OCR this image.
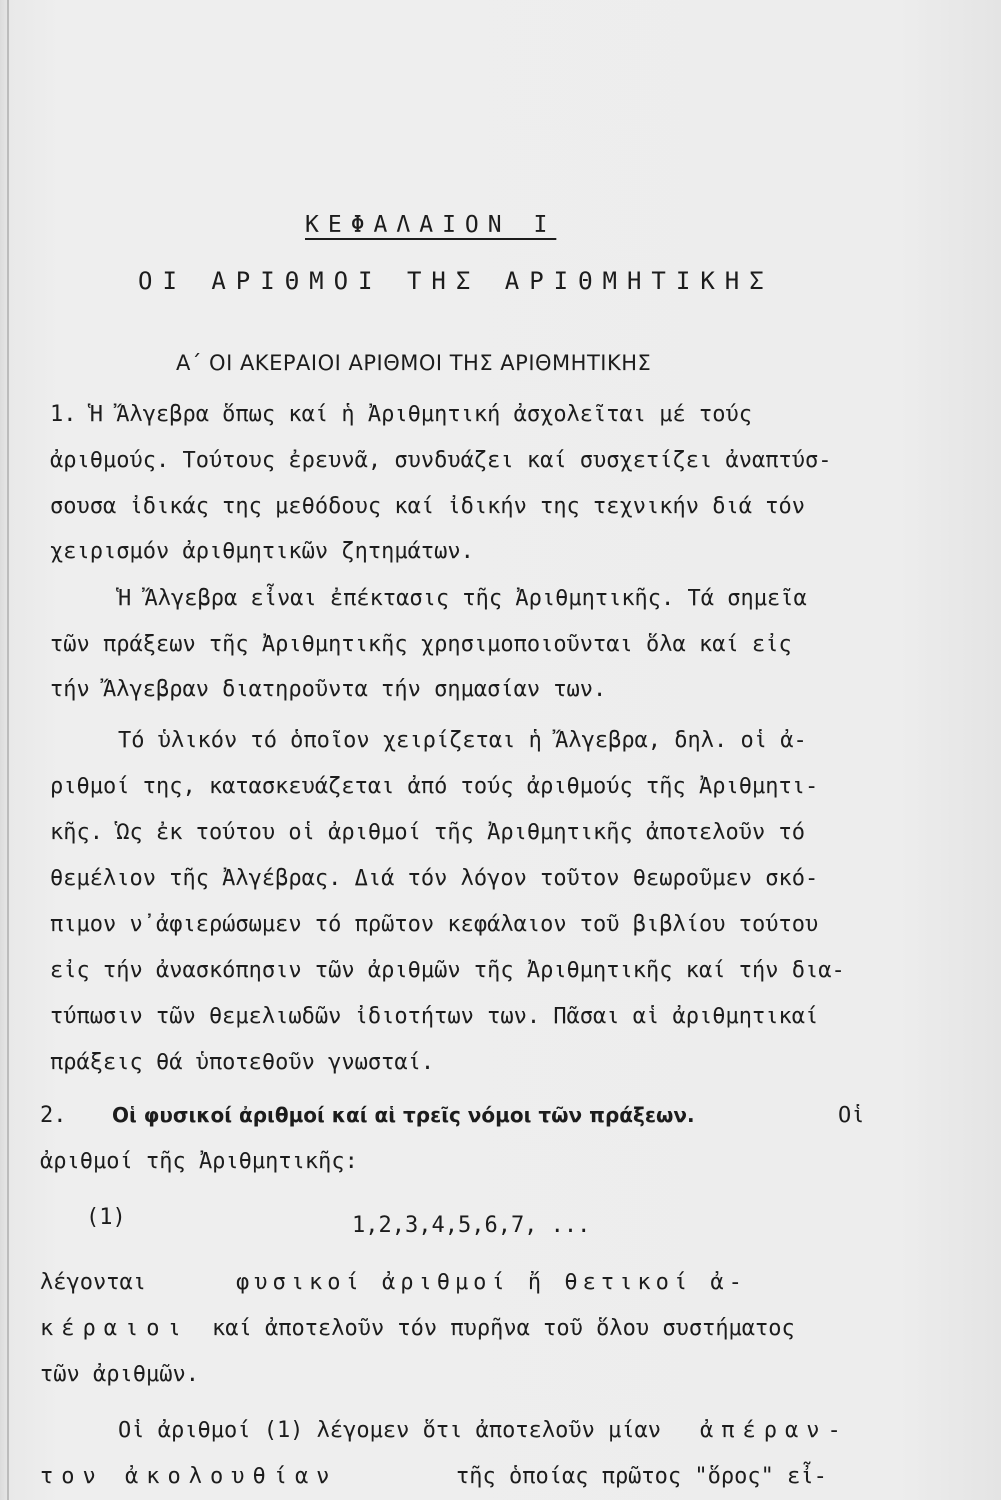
ΚΕΦΑΛΑΙΟΝ Ι
ΟΙ ΑΡΙΘΜΟΙ ΤΗΣ ΑΡΙΘΜΗΤΙΚΗΣ
Α΄ ΟΙ ΑΚΕΡΑΙΟΙ ΑΡΙΘΜΟΙ ΤΗΣ ΑΡΙΘΜΗΤΙΚΗΣ
1. Ἡ Ἄλγεβρα ὅπως καί ἡ Ἀριθμητική ἀσχολεῖται μέ τούς
ἀριθμούς. Τούτους ἐρευνᾶ, συνδυάζει καί συσχετίζει ἀναπτύσ-
σουσα ἰδικάς της μεθόδους καί ἰδικήν της τεχνικήν διά τόν
χειρισμόν ἀριθμητικῶν ζητημάτων.
Ἡ Ἄλγεβρα εἶναι ἐπέκτασις τῆς Ἀριθμητικῆς. Τά σημεῖα
τῶν πράξεων τῆς Ἀριθμητικῆς χρησιμοποιοῦνται ὅλα καί εἰς
τήν Ἄλγεβραν διατηροῦντα τήν σημασίαν των.
Τό ὑλικόν τό ὁποῖον χειρίζεται ἡ Ἄλγεβρα, δηλ. οἱ ἀ-
ριθμοί της, κατασκευάζεται ἀπό τούς ἀριθμούς τῆς Ἀριθμητι-
κῆς. Ὡς ἐκ τούτου οἱ ἀριθμοί τῆς Ἀριθμητικῆς ἀποτελοῦν τό
θεμέλιον τῆς Ἀλγέβρας. Διά τόν λόγον τοῦτον θεωροῦμεν σκό-
πιμον ν᾽ἀφιερώσωμεν τό πρῶτον κεφάλαιον τοῦ βιβλίου τούτου
εἰς τήν ἀνασκόπησιν τῶν ἀριθμῶν τῆς Ἀριθμητικῆς καί τήν δια-
τύπωσιν τῶν θεμελιωδῶν ἰδιοτήτων των. Πᾶσαι αἱ ἀριθμητικαί
πράξεις θά ὑποτεθοῦν γνωσταί.
2. Οἱ φυσικοί ἀριθμοί καί αἱ τρεῖς νόμοι τῶν πράξεων.	Οἱ
ἀριθμοί τῆς Ἀριθμητικῆς:
(1)	1,2,3,4,5,6,7, ...
λέγονται	φυσικοί ἀριθμοί ἤ θετικοί ἀ-
κέραιοι καί ἀποτελοῦν τόν πυρῆνα τοῦ ὅλου συστήματος
τῶν ἀριθμῶν.
Οἱ ἀριθμοί (1) λέγομεν ὅτι ἀποτελοῦν μίαν ἀπέραν-
τον ἀκολουθίαν	τῆς ὁποίας πρῶτος "ὅρος" εἶ-
